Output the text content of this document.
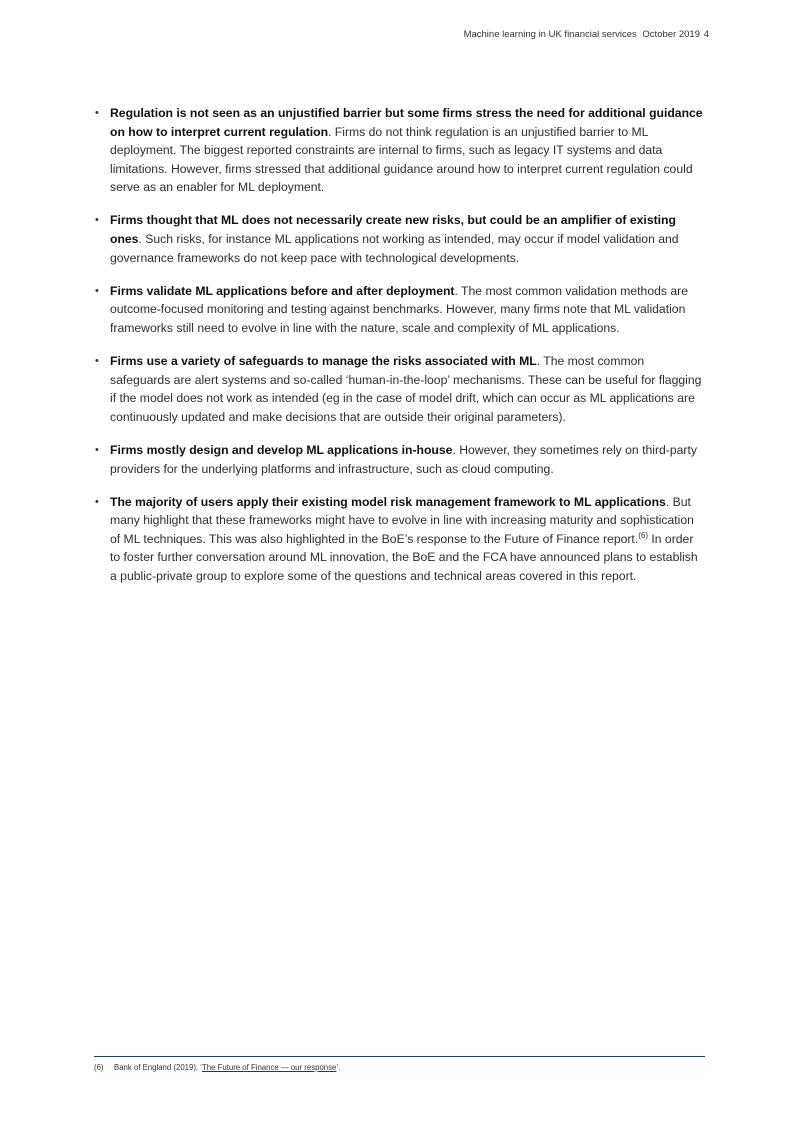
Machine learning in UK financial services October 2019 4
• Regulation is not seen as an unjustified barrier but some firms stress the need for additional guidance on how to interpret current regulation. Firms do not think regulation is an unjustified barrier to ML deployment. The biggest reported constraints are internal to firms, such as legacy IT systems and data limitations. However, firms stressed that additional guidance around how to interpret current regulation could serve as an enabler for ML deployment.
• Firms thought that ML does not necessarily create new risks, but could be an amplifier of existing ones. Such risks, for instance ML applications not working as intended, may occur if model validation and governance frameworks do not keep pace with technological developments.
• Firms validate ML applications before and after deployment. The most common validation methods are outcome-focused monitoring and testing against benchmarks. However, many firms note that ML validation frameworks still need to evolve in line with the nature, scale and complexity of ML applications.
• Firms use a variety of safeguards to manage the risks associated with ML. The most common safeguards are alert systems and so-called ‘human-in-the-loop’ mechanisms. These can be useful for flagging if the model does not work as intended (eg in the case of model drift, which can occur as ML applications are continuously updated and make decisions that are outside their original parameters).
• Firms mostly design and develop ML applications in-house. However, they sometimes rely on third-party providers for the underlying platforms and infrastructure, such as cloud computing.
• The majority of users apply their existing model risk management framework to ML applications. But many highlight that these frameworks might have to evolve in line with increasing maturity and sophistication of ML techniques. This was also highlighted in the BoE’s response to the Future of Finance report.$^{(6)}$ In order to foster further conversation around ML innovation, the BoE and the FCA have announced plans to establish a public-private group to explore some of the questions and technical areas covered in this report.
(6) Bank of England (2019), ‘The Future of Finance — our response’.
